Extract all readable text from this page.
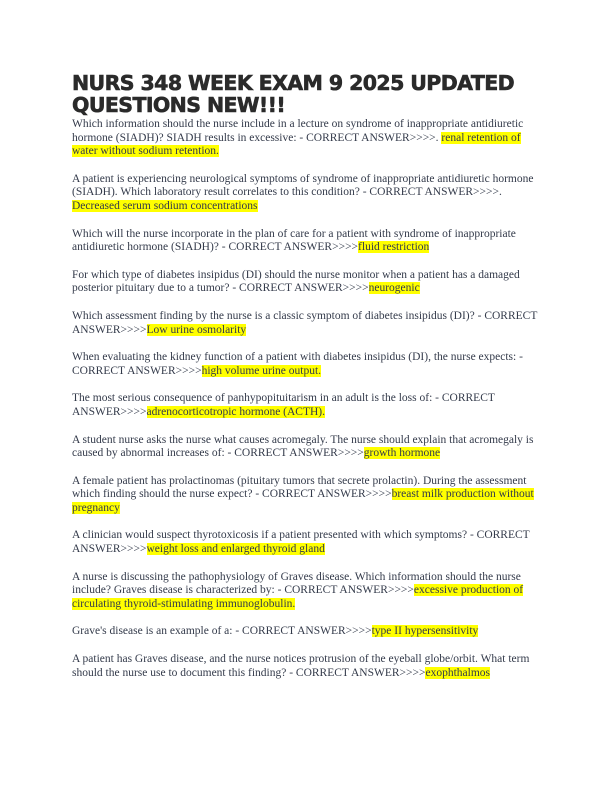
NURS 348 WEEK EXAM 9 2025 UPDATED QUESTIONS NEW!!!

Which information should the nurse include in a lecture on syndrome of inappropriate antidiuretic hormone (SIADH)? SIADH results in excessive: - CORRECT ANSWER>>>>. renal retention of water without sodium retention.

A patient is experiencing neurological symptoms of syndrome of inappropriate antidiuretic hormone (SIADH). Which laboratory result correlates to this condition? - CORRECT ANSWER>>>>. Decreased serum sodium concentrations

Which will the nurse incorporate in the plan of care for a patient with syndrome of inappropriate antidiuretic hormone (SIADH)? - CORRECT ANSWER>>>>fluid restriction

For which type of diabetes insipidus (DI) should the nurse monitor when a patient has a damaged posterior pituitary due to a tumor? - CORRECT ANSWER>>>>neurogenic

Which assessment finding by the nurse is a classic symptom of diabetes insipidus (DI)? - CORRECT ANSWER>>>>Low urine osmolarity

When evaluating the kidney function of a patient with diabetes insipidus (DI), the nurse expects: - CORRECT ANSWER>>>>high volume urine output.

The most serious consequence of panhypopituitarism in an adult is the loss of: - CORRECT ANSWER>>>>adrenocorticotropic hormone (ACTH).

A student nurse asks the nurse what causes acromegaly. The nurse should explain that acromegaly is caused by abnormal increases of: - CORRECT ANSWER>>>>growth hormone

A female patient has prolactinomas (pituitary tumors that secrete prolactin). During the assessment which finding should the nurse expect? - CORRECT ANSWER>>>>breast milk production without pregnancy

A clinician would suspect thyrotoxicosis if a patient presented with which symptoms? - CORRECT ANSWER>>>>weight loss and enlarged thyroid gland

A nurse is discussing the pathophysiology of Graves disease. Which information should the nurse include? Graves disease is characterized by: - CORRECT ANSWER>>>>excessive production of circulating thyroid-stimulating immunoglobulin.

Grave's disease is an example of a: - CORRECT ANSWER>>>>type II hypersensitivity

A patient has Graves disease, and the nurse notices protrusion of the eyeball globe/orbit. What term should the nurse use to document this finding? - CORRECT ANSWER>>>>exophthalmos
